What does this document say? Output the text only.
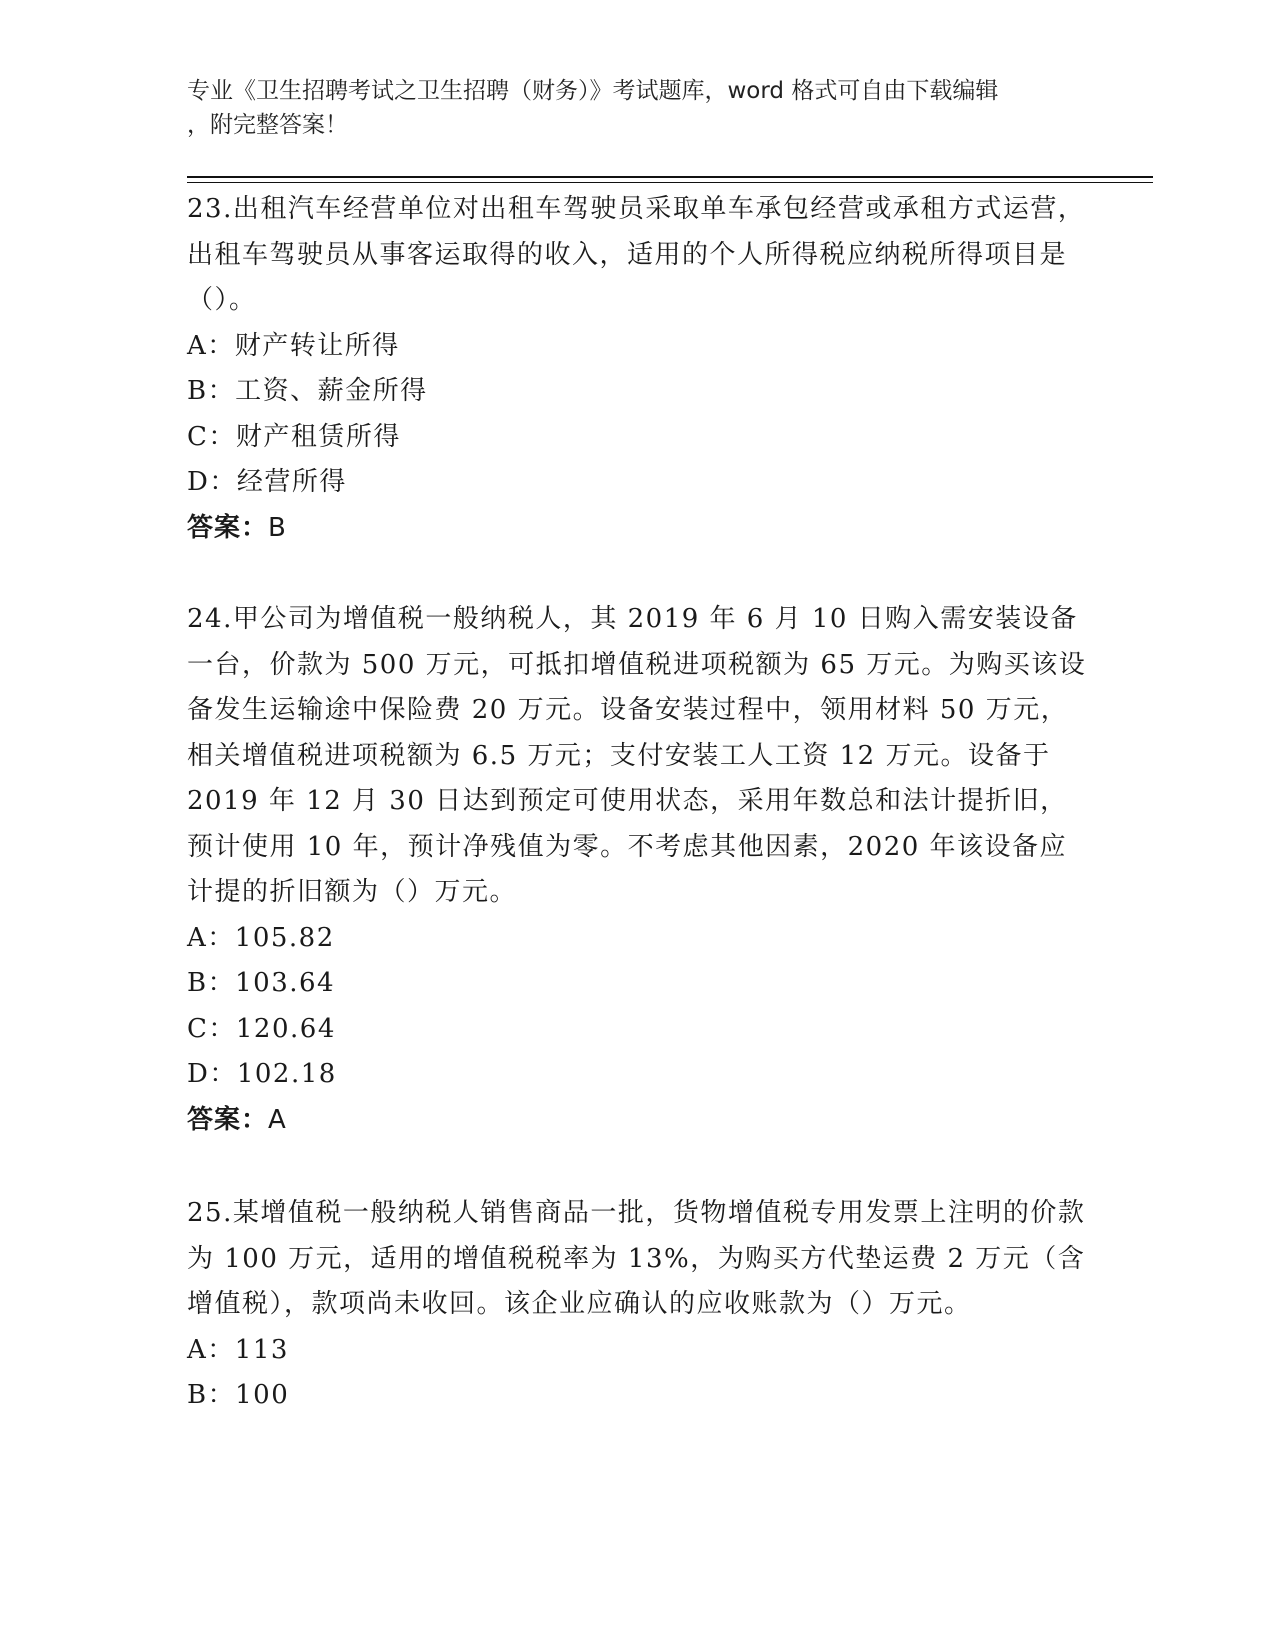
专业《卫生招聘考试之卫生招聘（财务）》考试题库，word 格式可自由下载编辑
，附完整答案！

23.出租汽车经营单位对出租车驾驶员采取单车承包经营或承租方式运营，出租车驾驶员从事客运取得的收入，适用的个人所得税应纳税所得项目是（）。

A：财产转让所得
B：工资、薪金所得
C：财产租赁所得
D：经营所得
答案：B

24.甲公司为增值税一般纳税人，其 2019 年 6 月 10 日购入需安装设备一台，价款为 500 万元，可抵扣增值税进项税额为 65 万元。为购买该设备发生运输途中保险费 20 万元。设备安装过程中，领用材料 50 万元，相关增值税进项税额为 6.5 万元；支付安装工人工资 12 万元。设备于 2019 年 12 月 30 日达到预定可使用状态，采用年数总和法计提折旧，预计使用 10 年，预计净残值为零。不考虑其他因素，2020 年该设备应计提的折旧额为（）万元。

A：105.82
B：103.64
C：120.64
D：102.18
答案：A

25.某增值税一般纳税人销售商品一批，货物增值税专用发票上注明的价款为 100 万元，适用的增值税税率为 13%，为购买方代垫运费 2 万元（含增值税），款项尚未收回。该企业应确认的应收账款为（）万元。

A：113
B：100
